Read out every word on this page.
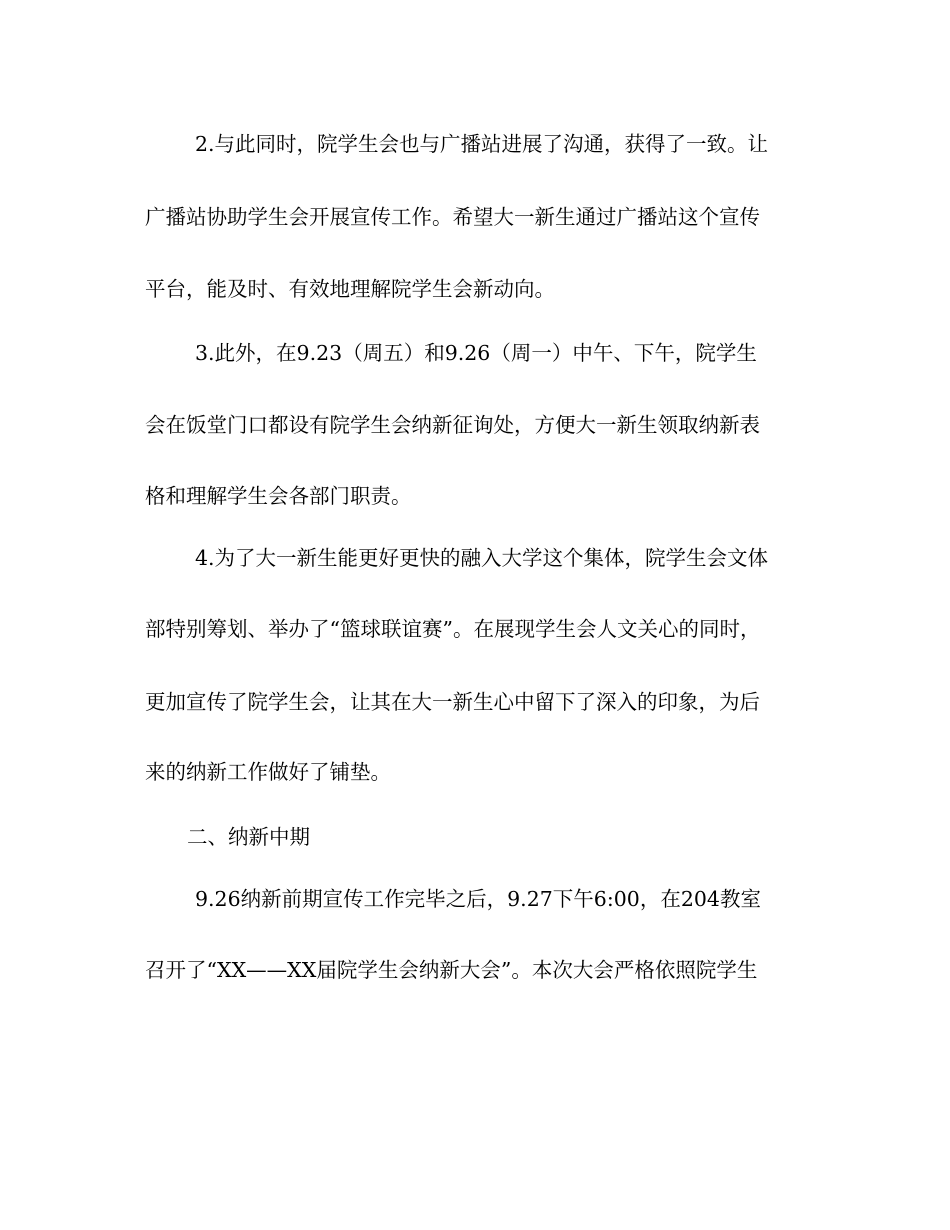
2.与此同时，院学生会也与广播站进展了沟通，获得了一致。让
广播站协助学生会开展宣传工作。希望大一新生通过广播站这个宣传
平台，能及时、有效地理解院学生会新动向。
3.此外，在9.23（周五）和9.26（周一）中午、下午，院学生
会在饭堂门口都设有院学生会纳新征询处，方便大一新生领取纳新表
格和理解学生会各部门职责。
4.为了大一新生能更好更快的融入大学这个集体，院学生会文体
部特别筹划、举办了“篮球联谊赛”。在展现学生会人文关心的同时，
更加宣传了院学生会，让其在大一新生心中留下了深入的印象，为后
来的纳新工作做好了铺垫。
二、纳新中期
9.26纳新前期宣传工作完毕之后，9.27下午6:00，在204教室
召开了“XX——XX届院学生会纳新大会”。本次大会严格依照院学生
